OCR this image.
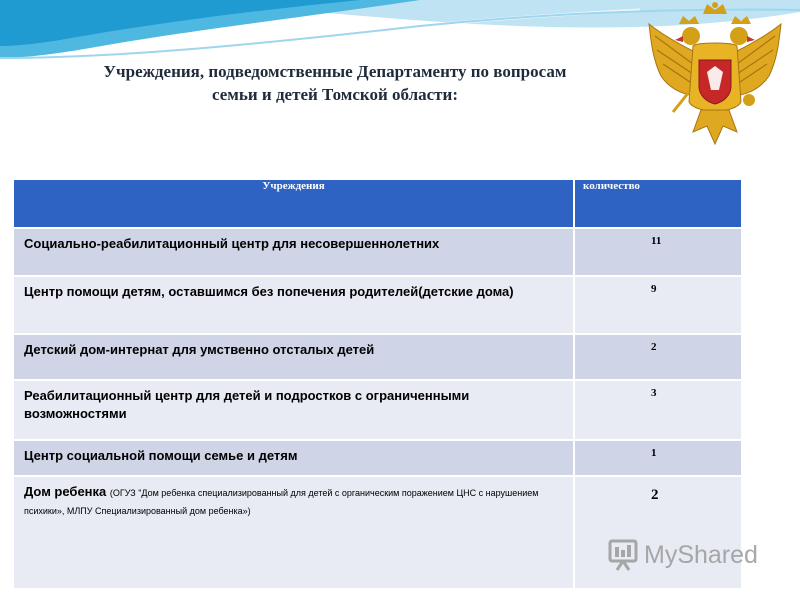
Учреждения, подведомственные Департаменту по вопросам
семьи и детей Томской области:
Учреждения	количество
Социально-реабилитационный центр для несовершеннолетних	11
Центр помощи детям, оставшимся без попечения родителей(детские дома)	9
Детский дом-интернат для умственно отсталых детей	2
Реабилитационный центр для детей и подростков с ограниченными возможностями	3
Центр социальной помощи семье и детям	1
Дом ребенка (ОГУЗ "Дом ребенка специализированный для детей с органическим поражением ЦНС с нарушением психики», МЛПУ Специализированный дом ребенка»)	2
MyShared
